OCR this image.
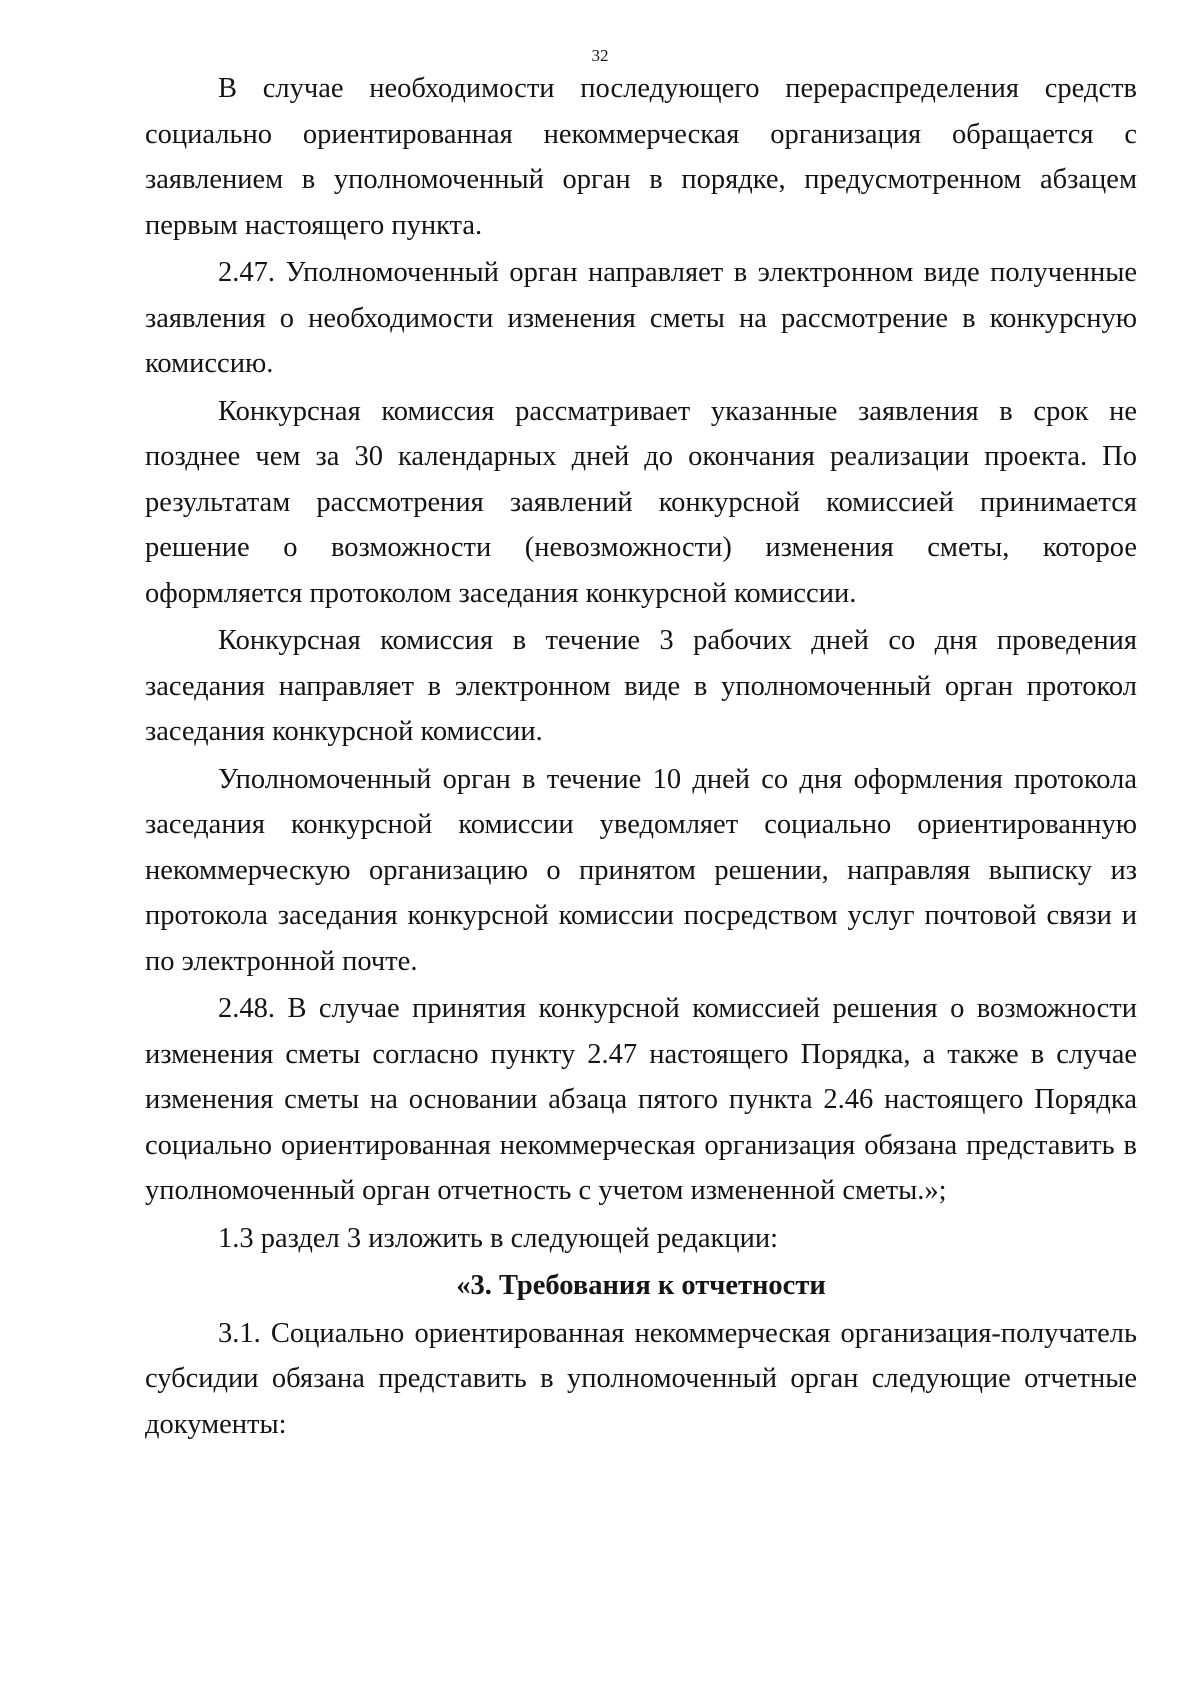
32

В случае необходимости последующего перераспределения средств социально ориентированная некоммерческая организация обращается с заявлением в уполномоченный орган в порядке, предусмотренном абзацем первым настоящего пункта.

2.47. Уполномоченный орган направляет в электронном виде полученные заявления о необходимости изменения сметы на рассмотрение в конкурсную комиссию.

Конкурсная комиссия рассматривает указанные заявления в срок не позднее чем за 30 календарных дней до окончания реализации проекта. По результатам рассмотрения заявлений конкурсной комиссией принимается решение о возможности (невозможности) изменения сметы, которое оформляется протоколом заседания конкурсной комиссии.

Конкурсная комиссия в течение 3 рабочих дней со дня проведения заседания направляет в электронном виде в уполномоченный орган протокол заседания конкурсной комиссии.

Уполномоченный орган в течение 10 дней со дня оформления протокола заседания конкурсной комиссии уведомляет социально ориентированную некоммерческую организацию о принятом решении, направляя выписку из протокола заседания конкурсной комиссии посредством услуг почтовой связи и по электронной почте.

2.48. В случае принятия конкурсной комиссией решения о возможности изменения сметы согласно пункту 2.47 настоящего Порядка, а также в случае изменения сметы на основании абзаца пятого пункта 2.46 настоящего Порядка социально ориентированная некоммерческая организация обязана представить в уполномоченный орган отчетность с учетом измененной сметы.»;

1.3 раздел 3 изложить в следующей редакции:

«3. Требования к отчетности

3.1. Социально ориентированная некоммерческая организация-получатель субсидии обязана представить в уполномоченный орган следующие отчетные документы:
